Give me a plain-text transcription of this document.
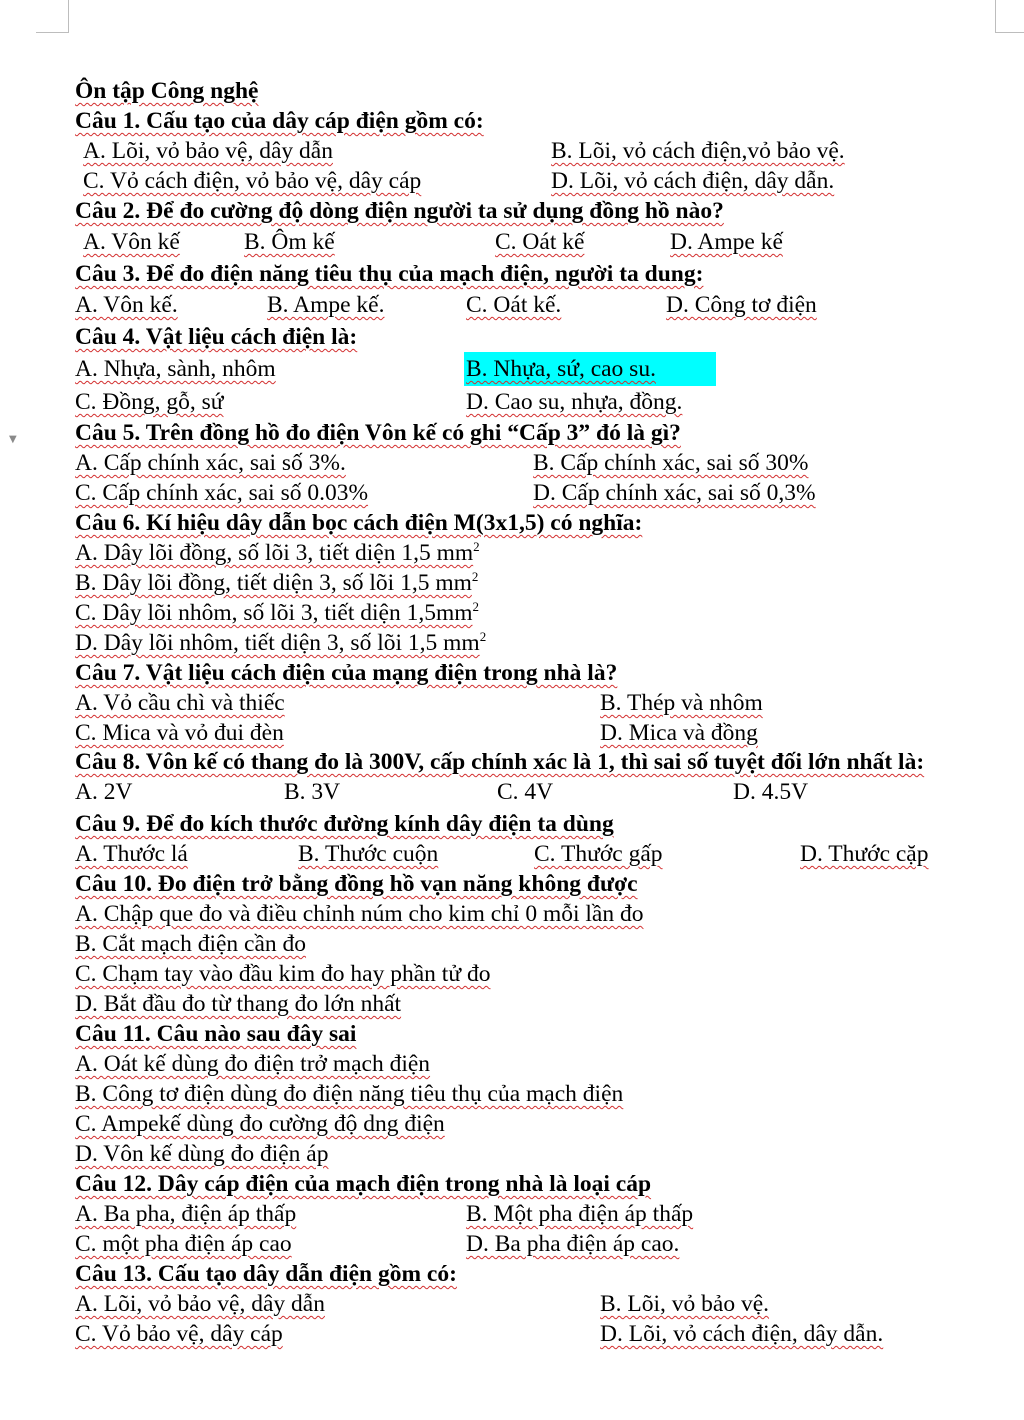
▼
Ôn tập Công nghệ
Câu 1. Cấu tạo của dây cáp điện gồm có:
A. Lõi, vỏ bảo vệ, dây dẫn	B. Lõi, vỏ cách điện,vỏ bảo vệ.
C. Vỏ cách điện, vỏ bảo vệ, dây cáp	D. Lõi, vỏ cách điện, dây dẫn.
Câu 2. Để đo cường độ dòng điện người ta sử dụng đồng hồ nào?
A. Vôn kế	B. Ôm kế	C. Oát kế	D. Ampe kế
Câu 3. Để đo điện năng tiêu thụ của mạch điện, người ta dung:
A. Vôn kế.	B. Ampe kế.	C. Oát kế.	D. Công tơ điện
Câu 4. Vật liệu cách điện là:
A. Nhựa, sành, nhôm	B. Nhựa, sứ, cao su.
C. Đồng, gỗ, sứ	D. Cao su, nhựa, đồng.
Câu 5. Trên đồng hồ đo điện Vôn kế có ghi “Cấp 3” đó là gì?
A. Cấp chính xác, sai số 3%.	B. Cấp chính xác, sai số 30%
C. Cấp chính xác, sai số 0.03%	D. Cấp chính xác, sai số 0,3%
Câu 6. Kí hiệu dây dẫn bọc cách điện M(3x1,5) có nghĩa:
A. Dây lõi đồng, số lõi 3, tiết diện 1,5 $mm^2$
B. Dây lõi đồng, tiết diện 3, số lõi 1,5 $mm^2$
C. Dây lõi nhôm, số lõi 3, tiết diện $1,5mm^2$
D. Dây lõi nhôm, tiết diện 3, số lõi 1,5 $mm^2$
Câu 7. Vật liệu cách điện của mạng điện trong nhà là?
A. Vỏ cầu chì và thiếc	B. Thép và nhôm
C. Mica và vỏ đui đèn	D. Mica và đồng
Câu 8. Vôn kế có thang đo là 300V, cấp chính xác là 1, thì sai số tuyệt đối lớn nhất là:
A. 2V	B. 3V	C. 4V	D. 4.5V
Câu 9. Để đo kích thước đường kính dây điện ta dùng
A. Thước lá	B. Thước cuộn	C. Thước gấp	D. Thước cặp
Câu 10. Đo điện trở bằng đồng hồ vạn năng không được
A. Chập que đo và điều chỉnh núm cho kim chỉ 0 mỗi lần đo
B. Cắt mạch điện cần đo
C. Chạm tay vào đầu kim đo hay phần tử đo
D. Bắt đầu đo từ thang đo lớn nhất
Câu 11. Câu nào sau đây sai
A. Oát kế dùng đo điện trở mạch điện
B. Công tơ điện dùng đo điện năng tiêu thụ của mạch điện
C. Ampekế dùng đo cường độ dng điện
D. Vôn kế dùng đo điện áp
Câu 12. Dây cáp điện của mạch điện trong nhà là loại cáp
A. Ba pha, điện áp thấp	B. Một pha điện áp thấp
C. một pha điện áp cao	D. Ba pha điện áp cao.
Câu 13. Cấu tạo dây dẫn điện gồm có:
A. Lõi, vỏ bảo vệ, dây dẫn	B. Lõi, vỏ bảo vệ.
C. Vỏ bảo vệ, dây cáp	D. Lõi, vỏ cách điện, dây dẫn.
